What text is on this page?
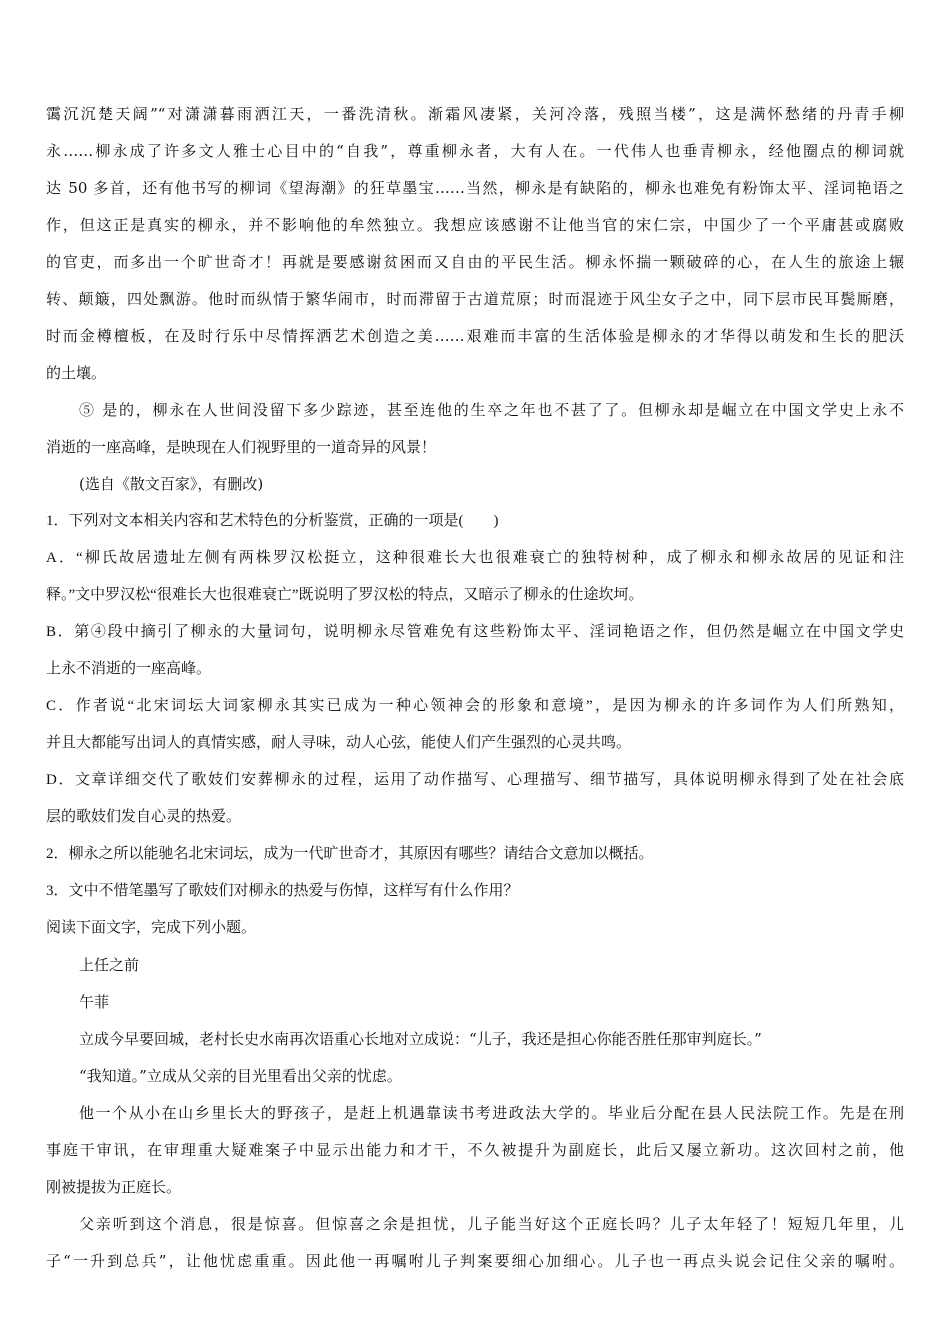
霭沉沉楚天阔”“对潇潇暮雨洒江天，一番洗清秋。渐霜风凄紧，关河冷落，残照当楼”，这是满怀愁绪的丹青手柳
永……柳永成了许多文人雅士心目中的“自我”，尊重柳永者，大有人在。一代伟人也垂青柳永，经他圈点的柳词就
达 50 多首，还有他书写的柳词《望海潮》的狂草墨宝……当然，柳永是有缺陷的，柳永也难免有粉饰太平、淫词艳语之
作，但这正是真实的柳永，并不影响他的牟然独立。我想应该感谢不让他当官的宋仁宗，中国少了一个平庸甚或腐败
的官吏，而多出一个旷世奇才！再就是要感谢贫困而又自由的平民生活。柳永怀揣一颗破碎的心，在人生的旅途上辗
转、颠簸，四处飘游。他时而纵情于繁华闹市，时而滞留于古道荒原；时而混迹于风尘女子之中，同下层市民耳鬓厮磨，
时而金樽檀板，在及时行乐中尽情挥洒艺术创造之美……艰难而丰富的生活体验是柳永的才华得以萌发和生长的肥沃
的土壤。
⑤ 是的，柳永在人世间没留下多少踪迹，甚至连他的生卒之年也不甚了了。但柳永却是崛立在中国文学史上永不
消逝的一座高峰，是映现在人们视野里的一道奇异的风景！
(选自《散文百家》，有删改)
1．下列对文本相关内容和艺术特色的分析鉴赏，正确的一项是(　　)
A．“柳氏故居遗址左侧有两株罗汉松挺立，这种很难长大也很难衰亡的独特树种，成了柳永和柳永故居的见证和注
释。”文中罗汉松“很难长大也很难衰亡”既说明了罗汉松的特点，又暗示了柳永的仕途坎坷。
B．第④段中摘引了柳永的大量词句，说明柳永尽管难免有这些粉饰太平、淫词艳语之作，但仍然是崛立在中国文学史
上永不消逝的一座高峰。
C．作者说“北宋词坛大词家柳永其实已成为一种心领神会的形象和意境”，是因为柳永的许多词作为人们所熟知，
并且大都能写出词人的真情实感，耐人寻味，动人心弦，能使人们产生强烈的心灵共鸣。
D．文章详细交代了歌妓们安葬柳永的过程，运用了动作描写、心理描写、细节描写，具体说明柳永得到了处在社会底
层的歌妓们发自心灵的热爱。
2．柳永之所以能驰名北宋词坛，成为一代旷世奇才，其原因有哪些？请结合文意加以概括。
3．文中不惜笔墨写了歌妓们对柳永的热爱与伤悼，这样写有什么作用？
阅读下面文字，完成下列小题。
上任之前
午菲
立成今早要回城，老村长史水南再次语重心长地对立成说：“儿子，我还是担心你能否胜任那审判庭长。”
“我知道。”立成从父亲的目光里看出父亲的忧虑。
他一个从小在山乡里长大的野孩子，是赶上机遇靠读书考进政法大学的。毕业后分配在县人民法院工作。先是在刑
事庭干审讯，在审理重大疑难案子中显示出能力和才干，不久被提升为副庭长，此后又屡立新功。这次回村之前，他
刚被提拔为正庭长。
父亲听到这个消息，很是惊喜。但惊喜之余是担忧，儿子能当好这个正庭长吗？儿子太年轻了！短短几年里，儿
子“一升到总兵”，让他忧虑重重。因此他一再嘱咐儿子判案要细心加细心。儿子也一再点头说会记住父亲的嘱咐。
